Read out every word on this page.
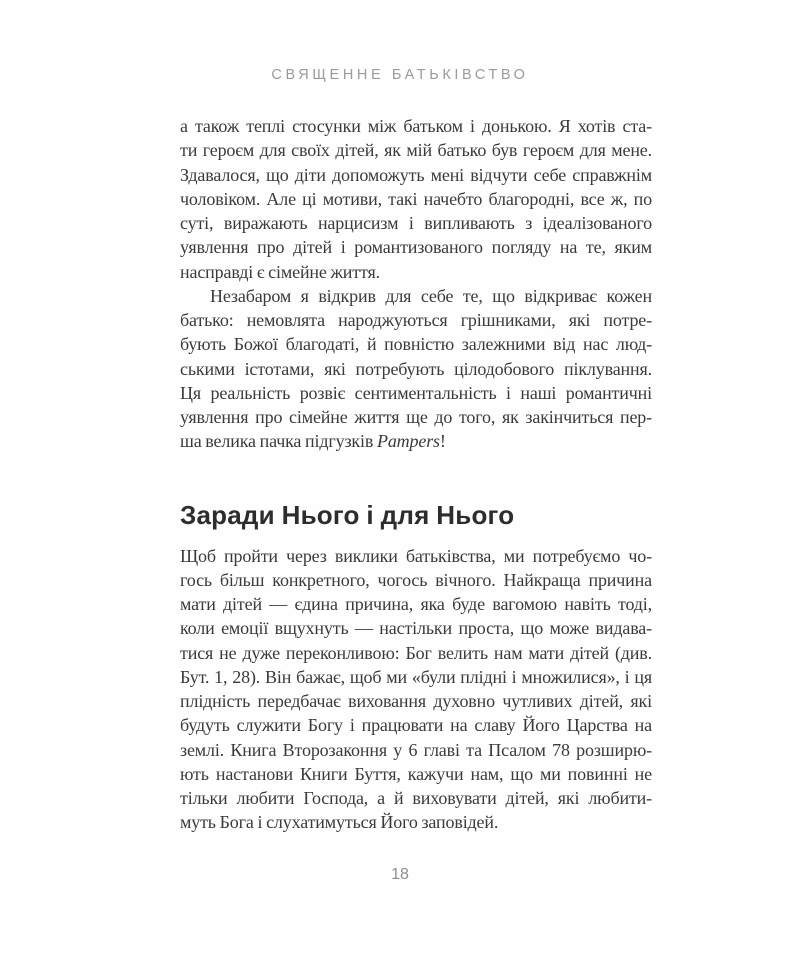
СВЯЩЕННЕ БАТЬКІВСТВО
а також теплі стосунки між батьком і донькою. Я хотів ста-
ти героєм для своїх дітей, як мій батько був героєм для мене.
Здавалося, що діти допоможуть мені відчути себе справжнім
чоловіком. Але ці мотиви, такі начебто благородні, все ж, по
суті, виражають нарцисизм і випливають з ідеалізованого
уявлення про дітей і романтизованого погляду на те, яким
насправді є сімейне життя.
Незабаром я відкрив для себе те, що відкриває кожен
батько: немовлята народжуються грішниками, які потре-
бують Божої благодаті, й повністю залежними від нас люд-
ськими істотами, які потребують цілодобового піклування.
Ця реальність розвіє сентиментальність і наші романтичні
уявлення про сімейне життя ще до того, як закінчиться пер-
ша велика пачка підгузків Pampers!
Заради Нього і для Нього
Щоб пройти через виклики батьківства, ми потребуємо чо-
гось більш конкретного, чогось вічного. Найкраща причина
мати дітей — єдина причина, яка буде вагомою навіть тоді,
коли емоції вщухнуть — настільки проста, що може видава-
тися не дуже переконливою: Бог велить нам мати дітей (див.
Бут. 1, 28). Він бажає, щоб ми «були плідні і множилися», і ця
плідність передбачає виховання духовно чутливих дітей, які
будуть служити Богу і працювати на славу Його Царства на
землі. Книга Второзаконня у 6 главі та Псалом 78 розширю-
ють настанови Книги Буття, кажучи нам, що ми повинні не
тільки любити Господа, а й виховувати дітей, які любити-
муть Бога і слухатимуться Його заповідей.
18
